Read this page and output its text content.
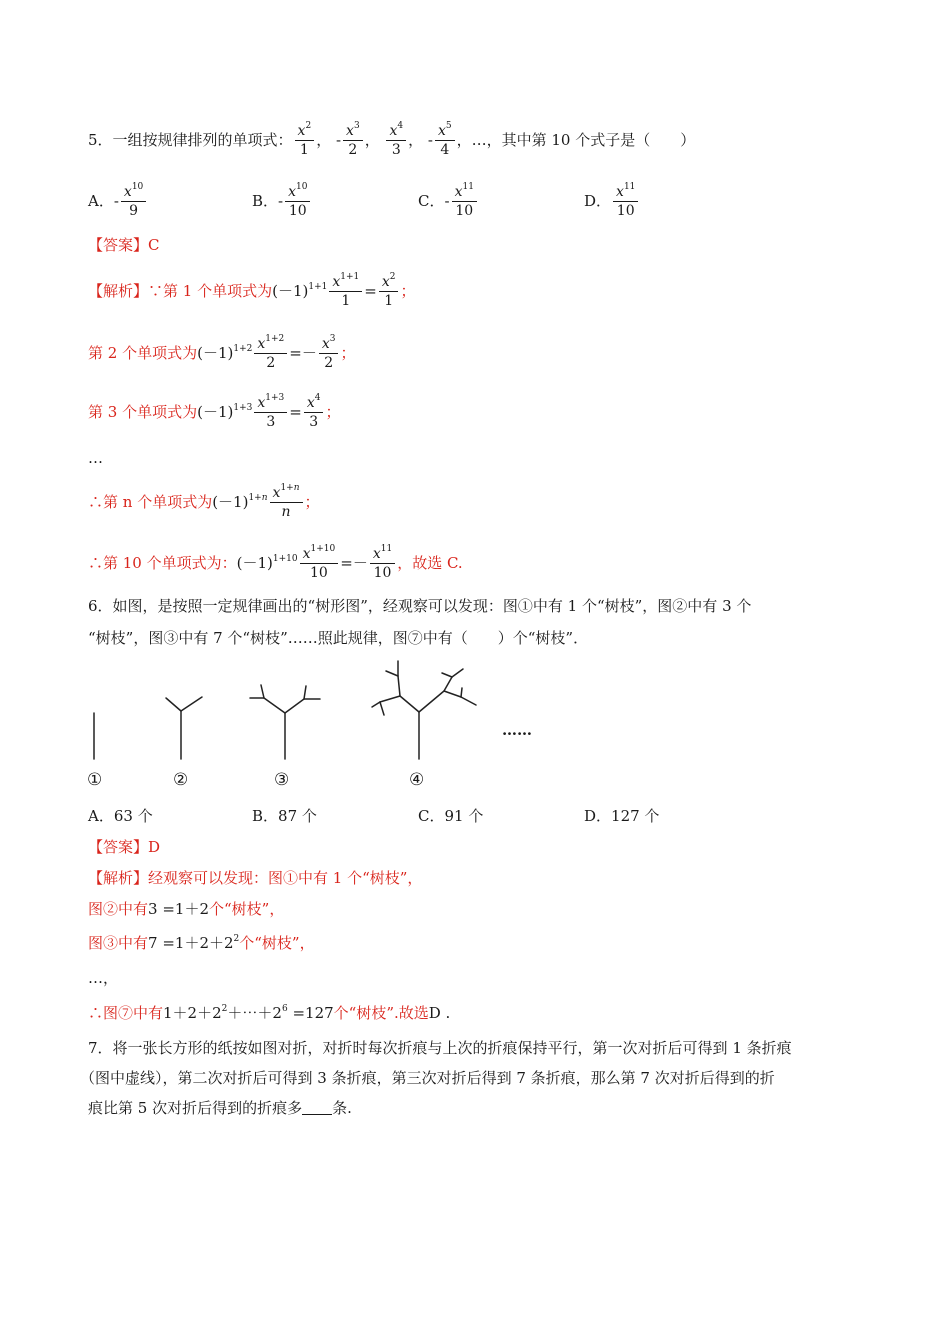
5．一组按规律排列的单项式： $\frac{x^2}{1}$ ， - $\frac{x^3}{2}$ ， $\frac{x^4}{3}$ ， - $\frac{x^5}{4}$ ，…，其中第 10 个式子是（　　）
A．- $\frac{x^{10}}{9}$	B．- $\frac{x^{10}}{10}$	C．- $\frac{x^{11}}{10}$	D． $\frac{x^{11}}{10}$
【答案】C
【解析】∵第 1 个单项式为$(-1)^{1+1} \frac{x^{1+1}}{1} = \frac{x^2}{1}$ ；
第 2 个单项式为$(-1)^{1+2} \frac{x^{1+2}}{2} =- \frac{x^3}{2}$ ；
第 3 个单项式为$(-1)^{1+3} \frac{x^{1+3}}{3} = \frac{x^4}{3}$ ；
…
∴第 n 个单项式为$(-1)^{1+n} \frac{x^{1+n}}{n}$ ；
∴第 10 个单项式为：$(-1)^{1+10} \frac{x^{1+10}}{10} =- \frac{x^{11}}{10}$ ，故选 C.
6．如图，是按照一定规律画出的“树形图”，经观察可以发现：图①中有 1 个“树枝”，图②中有 3 个
“树枝”，图③中有 7 个“树枝”……照此规律，图⑦中有（　　）个“树枝”．
……
①	②	③	④
A．63 个	B．87 个	C．91 个	D．127 个
【答案】D
【解析】经观察可以发现：图①中有 1 个“树枝”，
图②中有3 =1＋2个“树枝”，
图③中有$7 =1+2+2^2$个“树枝”，
…，
∴图⑦中有$1+2+2^2+\cdots+2^6 =127$个“树枝”.故选D .
7．将一张长方形的纸按如图对折，对折时每次折痕与上次的折痕保持平行，第一次对折后可得到 1 条折痕
（图中虚线），第二次对折后可得到 3 条折痕，第三次对折后得到 7 条折痕，那么第 7 次对折后得到的折
痕比第 5 次对折后得到的折痕多 条.
